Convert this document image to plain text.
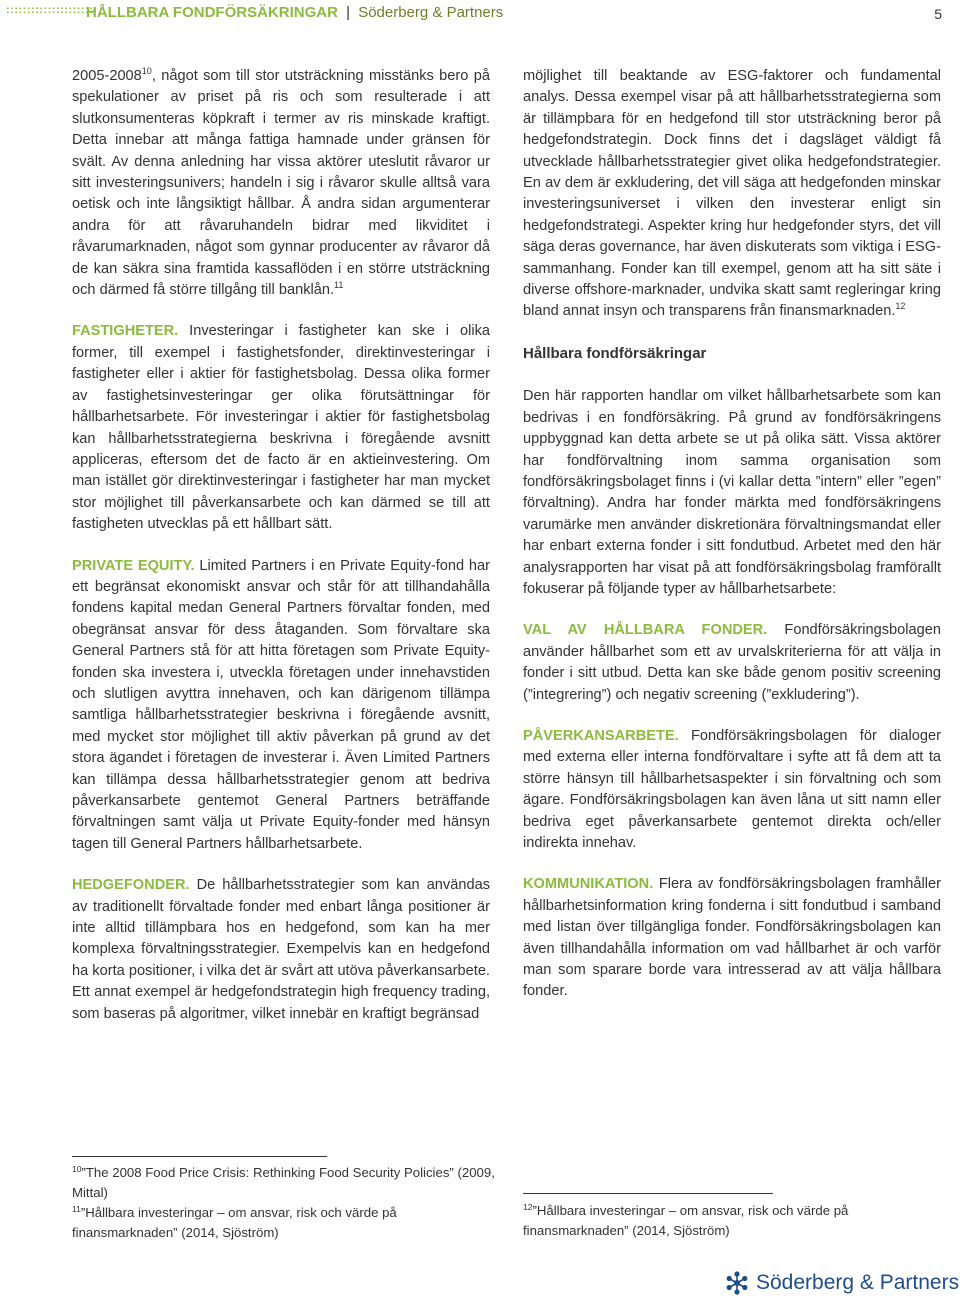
:::::::::::::::::::::
HÅLLBARA FONDFÖRSÄKRINGAR | Söderberg & Partners	5

2005-2008$^{10}$, något som till stor utsträckning misstänks bero på spekulationer av priset på ris och som resulterade i att slutkonsumenteras köpkraft i termer av ris minskade kraftigt. Detta innebar att många fattiga hamnade under gränsen för svält. Av denna anledning har vissa aktörer uteslutit råvaror ur sitt investeringsunivers; handeln i sig i råvaror skulle alltså vara oetisk och inte långsiktigt hållbar. Å andra sidan argumenterar andra för att råvaruhandeln bidrar med likviditet i råvarumarknaden, något som gynnar producenter av råvaror då de kan säkra sina framtida kassaflöden i en större utsträckning och därmed få större tillgång till banklån.$^{11}$

FASTIGHETER. Investeringar i fastigheter kan ske i olika former, till exempel i fastighetsfonder, direktinvesteringar i fastigheter eller i aktier för fastighetsbolag. Dessa olika former av fastighetsinvesteringar ger olika förutsättningar för hållbarhetsarbete. För investeringar i aktier för fastighetsbolag kan hållbarhetsstrategierna beskrivna i föregående avsnitt appliceras, eftersom det de facto är en aktieinvestering. Om man istället gör direktinvesteringar i fastigheter har man mycket stor möjlighet till påverkansarbete och kan därmed se till att fastigheten utvecklas på ett hållbart sätt.

PRIVATE EQUITY. Limited Partners i en Private Equity-fond har ett begränsat ekonomiskt ansvar och står för att tillhandahålla fondens kapital medan General Partners förvaltar fonden, med obegränsat ansvar för dess åtaganden. Som förvaltare ska General Partners stå för att hitta företagen som Private Equity-fonden ska investera i, utveckla företagen under innehavstiden och slutligen avyttra innehaven, och kan därigenom tillämpa samtliga hållbarhetsstrategier beskrivna i föregående avsnitt, med mycket stor möjlighet till aktiv påverkan på grund av det stora ägandet i företagen de investerar i. Även Limited Partners kan tillämpa dessa hållbarhetsstrategier genom att bedriva påverkansarbete gentemot General Partners beträffande förvaltningen samt välja ut Private Equity-fonder med hänsyn tagen till General Partners hållbarhetsarbete.

HEDGEFONDER. De hållbarhetsstrategier som kan användas av traditionellt förvaltade fonder med enbart långa positioner är inte alltid tillämpbara hos en hedgefond, som kan ha mer komplexa förvaltningsstrategier. Exempelvis kan en hedgefond ha korta positioner, i vilka det är svårt att utöva påverkansarbete. Ett annat exempel är hedgefondstrategin high frequency trading, som baseras på algoritmer, vilket innebär en kraftigt begränsad

möjlighet till beaktande av ESG-faktorer och fundamental analys. Dessa exempel visar på att hållbarhetsstrategierna som är tillämpbara för en hedgefond till stor utsträckning beror på hedgefondstrategin. Dock finns det i dagsläget väldigt få utvecklade hållbarhetsstrategier givet olika hedgefondstrategier. En av dem är exkludering, det vill säga att hedgefonden minskar investeringsuniverset i vilken den investerar enligt sin hedgefondstrategi. Aspekter kring hur hedgefonder styrs, det vill säga deras governance, har även diskuterats som viktiga i ESG-sammanhang. Fonder kan till exempel, genom att ha sitt säte i diverse offshore-marknader, undvika skatt samt regleringar kring bland annat insyn och transparens från finansmarknaden.$^{12}$

Hållbara fondförsäkringar

Den här rapporten handlar om vilket hållbarhetsarbete som kan bedrivas i en fondförsäkring. På grund av fondförsäkringens uppbyggnad kan detta arbete se ut på olika sätt. Vissa aktörer har fondförvaltning inom samma organisation som fondförsäkringsbolaget finns i (vi kallar detta ”intern” eller ”egen” förvaltning). Andra har fonder märkta med fondförsäkringens varumärke men använder diskretionära förvaltningsmandat eller har enbart externa fonder i sitt fondutbud. Arbetet med den här analysrapporten har visat på att fondförsäkringsbolag framförallt fokuserar på följande typer av hållbarhetsarbete:

VAL AV HÅLLBARA FONDER. Fondförsäkringsbolagen använder hållbarhet som ett av urvalskriterierna för att välja in fonder i sitt utbud. Detta kan ske både genom positiv screening (”integrering”) och negativ screening (”exkludering”).

PÅVERKANSARBETE. Fondförsäkringsbolagen för dialoger med externa eller interna fondförvaltare i syfte att få dem att ta större hänsyn till hållbarhetsaspekter i sin förvaltning och som ägare. Fondförsäkringsbolagen kan även låna ut sitt namn eller bedriva eget påverkansarbete gentemot direkta och/eller indirekta innehav.

KOMMUNIKATION. Flera av fondförsäkringsbolagen framhåller hållbarhetsinformation kring fonderna i sitt fondutbud i samband med listan över tillgängliga fonder. Fondförsäkringsbolagen kan även tillhandahålla information om vad hållbarhet är och varför man som sparare borde vara intresserad av att välja hållbara fonder.

$^{10}$”The 2008 Food Price Crisis: Rethinking Food Security Policies” (2009, Mittal)
$^{11}$”Hållbara investeringar – om ansvar, risk och värde på finansmarknaden” (2014, Sjöström)
$^{12}$”Hållbara investeringar – om ansvar, risk och värde på finansmarknaden” (2014, Sjöström)
Söderberg & Partners
